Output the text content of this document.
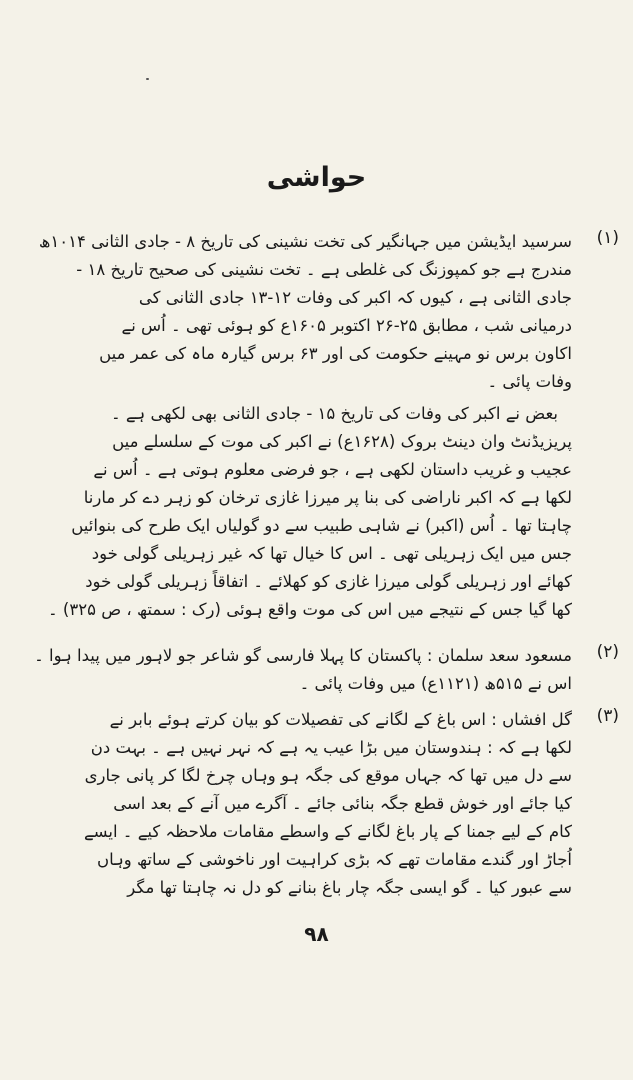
حواشی
(۱)
سرسید ایڈیشن میں جہانگیر کی تخت نشینی کی تاریخ ۸ - جادی الثانی ۱۰۱۴ھ
مندرج ہے جو کمپوزنگ کی غلطی ہے ۔ تخت نشینی کی صحیح تاریخ ۱۸ -
جادی الثانی ہے ، کیوں کہ اکبر کی وفات ۱۲-۱۳ جادی الثانی کی
درمیانی شب ، مطابق ۲۵-۲۶ اکتوبر ۱۶۰۵ع کو ہوئی تھی ۔ اُس نے
اکاون برس نو مہینے حکومت کی اور ۶۳ برس گیارہ ماہ کی عمر میں
وفات پائی ۔
بعض نے اکبر کی وفات کی تاریخ ۱۵ - جادی الثانی بھی لکھی ہے ۔
پریزیڈنٹ وان دینٹ بروک (۱۶۲۸ع) نے اکبر کی موت کے سلسلے میں
عجیب و غریب داستان لکھی ہے ، جو فرضی معلوم ہوتی ہے ۔ اُس نے
لکھا ہے کہ اکبر ناراضی کی بنا پر میرزا غازی ترخان کو زہر دے کر مارنا
چاہتا تھا ۔ اُس (اکبر) نے شاہی طبیب سے دو گولیاں ایک طرح کی بنوائیں
جس میں ایک زہریلی تھی ۔ اس کا خیال تھا کہ غیر زہریلی گولی خود
کھائے اور زہریلی گولی میرزا غازی کو کھلائے ۔ اتفاقاً زہریلی گولی خود
کھا گیا جس کے نتیجے میں اس کی موت واقع ہوئی (رک : سمتھ ، ص ۳۲۵) ۔
(۲)
مسعود سعد سلمان : پاکستان کا پہلا فارسی گو شاعر جو لاہور میں پیدا ہوا ۔
اس نے ۵۱۵ھ (۱۱۲۱ع) میں وفات پائی ۔
(۳)
گل افشاں : اس باغ کے لگانے کی تفصیلات کو بیان کرتے ہوئے بابر نے
لکھا ہے کہ : ہندوستان میں بڑا عیب یہ ہے کہ نہر نہیں ہے ۔ بہت دن
سے دل میں تھا کہ جہاں موقع کی جگہ ہو وہاں چرخ لگا کر پانی جاری
کیا جائے اور خوش قطع جگہ بنائی جائے ۔ آگرے میں آنے کے بعد اسی
کام کے لیے جمنا کے پار باغ لگانے کے واسطے مقامات ملاحظہ کیے ۔ ایسے
اُجاڑ اور گندے مقامات تھے کہ بڑی کراہیت اور ناخوشی کے ساتھ وہاں
سے عبور کیا ۔ گو ایسی جگہ چار باغ بنانے کو دل نہ چاہتا تھا مگر
۹۸
